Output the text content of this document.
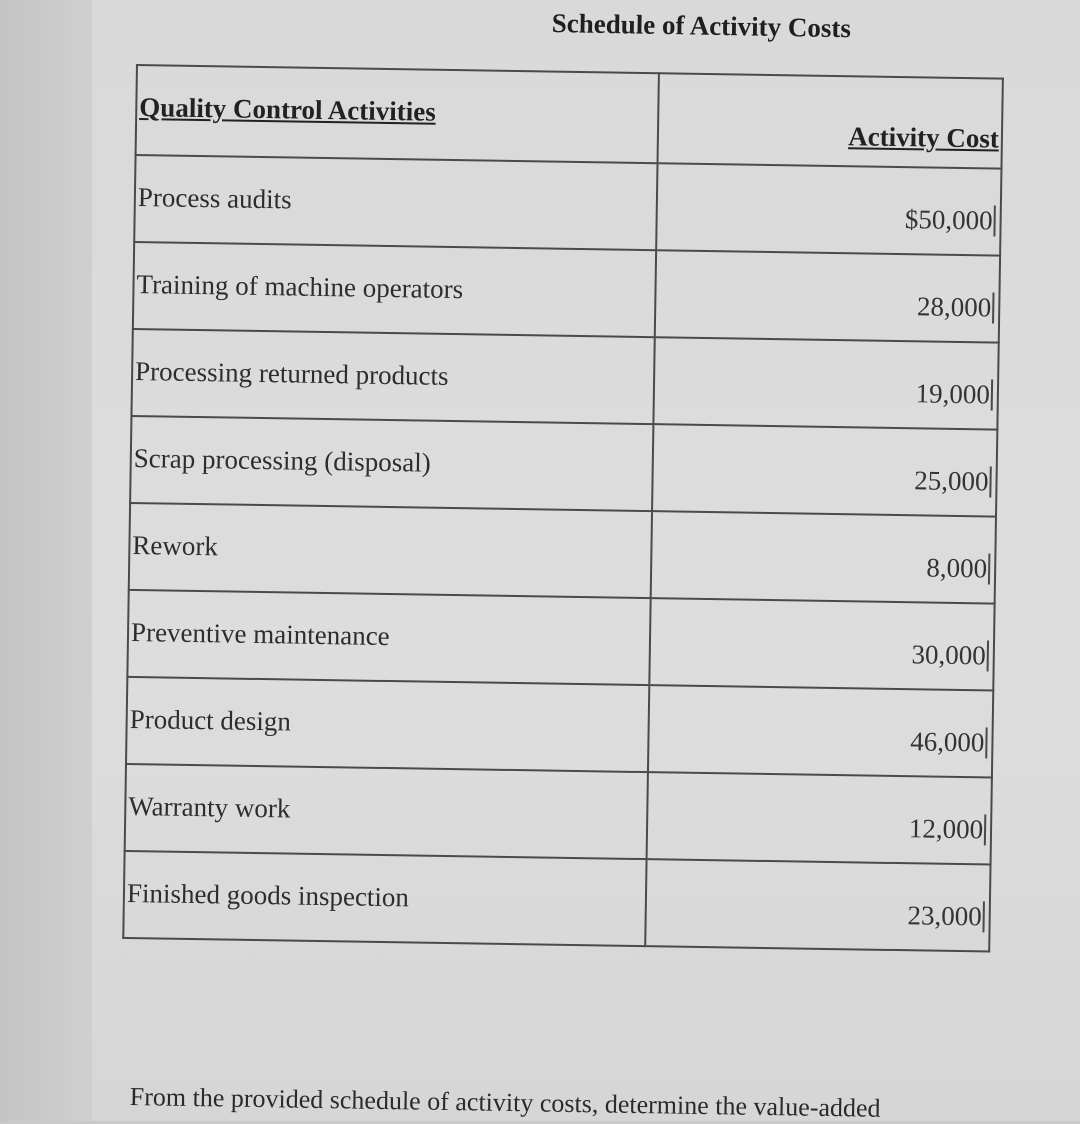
Schedule of Activity Costs
Quality Control Activities	Activity Cost

Process audits	$50,000

Training of machine operators	28,000

Processing returned products	19,000

Scrap processing (disposal)	25,000

Rework	8,000

Preventive maintenance	30,000

Product design	46,000

Warranty work	12,000

Finished goods inspection	23,000
From the provided schedule of activity costs, determine the value-added
